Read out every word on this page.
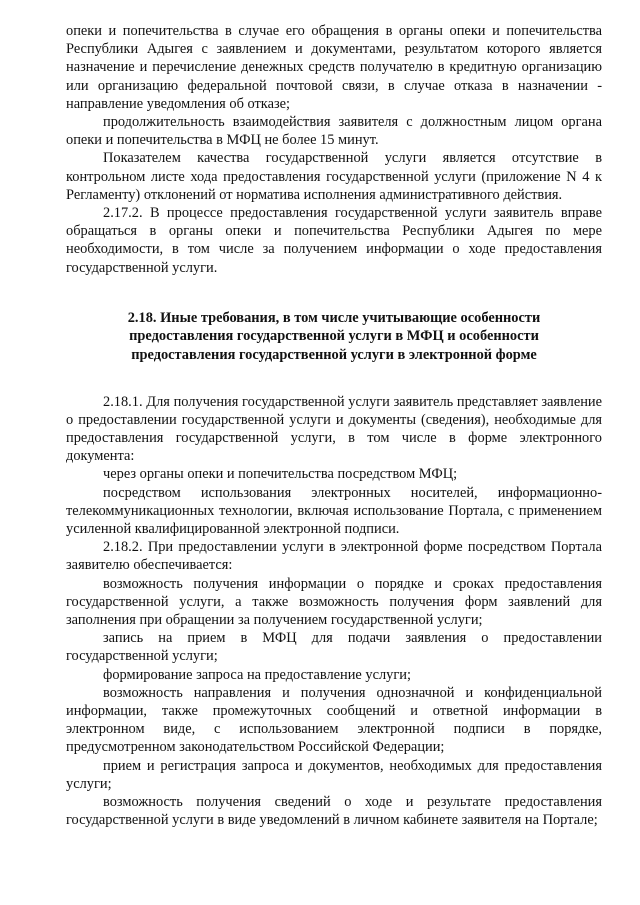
опеки и попечительства в случае его обращения в органы опеки и попечительства Республики Адыгея с заявлением и документами, результатом которого является назначение и перечисление денежных средств получателю в кредитную организацию или организацию федеральной почтовой связи, в случае отказа в назначении - направление уведомления об отказе;

продолжительность взаимодействия заявителя с должностным лицом органа опеки и попечительства в МФЦ не более 15 минут.

Показателем качества государственной услуги является отсутствие в контрольном листе хода предоставления государственной услуги (приложение N 4 к Регламенту) отклонений от норматива исполнения административного действия.

2.17.2. В процессе предоставления государственной услуги заявитель вправе обращаться в органы опеки и попечительства Республики Адыгея по мере необходимости, в том числе за получением информации о ходе предоставления государственной услуги.

2.18. Иные требования, в том числе учитывающие особенности

предоставления государственной услуги в МФЦ и особенности

предоставления государственной услуги в электронной форме

2.18.1. Для получения государственной услуги заявитель представляет заявление о предоставлении государственной услуги и документы (сведения), необходимые для предоставления государственной услуги, в том числе в форме электронного документа:

через органы опеки и попечительства посредством МФЦ;

посредством использования электронных носителей, информационно-телекоммуникационных технологии, включая использование Портала, с применением усиленной квалифицированной электронной подписи.

2.18.2. При предоставлении услуги в электронной форме посредством Портала заявителю обеспечивается:

возможность получения информации о порядке и сроках предоставления государственной услуги, а также возможность получения форм заявлений для заполнения при обращении за получением государственной услуги;

запись на прием в МФЦ для подачи заявления о предоставлении государственной услуги;

формирование запроса на предоставление услуги;

возможность направления и получения однозначной и конфиденциальной информации, также промежуточных сообщений и ответной информации в электронном виде, с использованием электронной подписи в порядке, предусмотренном законодательством Российской Федерации;

прием и регистрация запроса и документов, необходимых для предоставления услуги;

возможность получения сведений о ходе и результате предоставления государственной услуги в виде уведомлений в личном кабинете заявителя на Портале;
